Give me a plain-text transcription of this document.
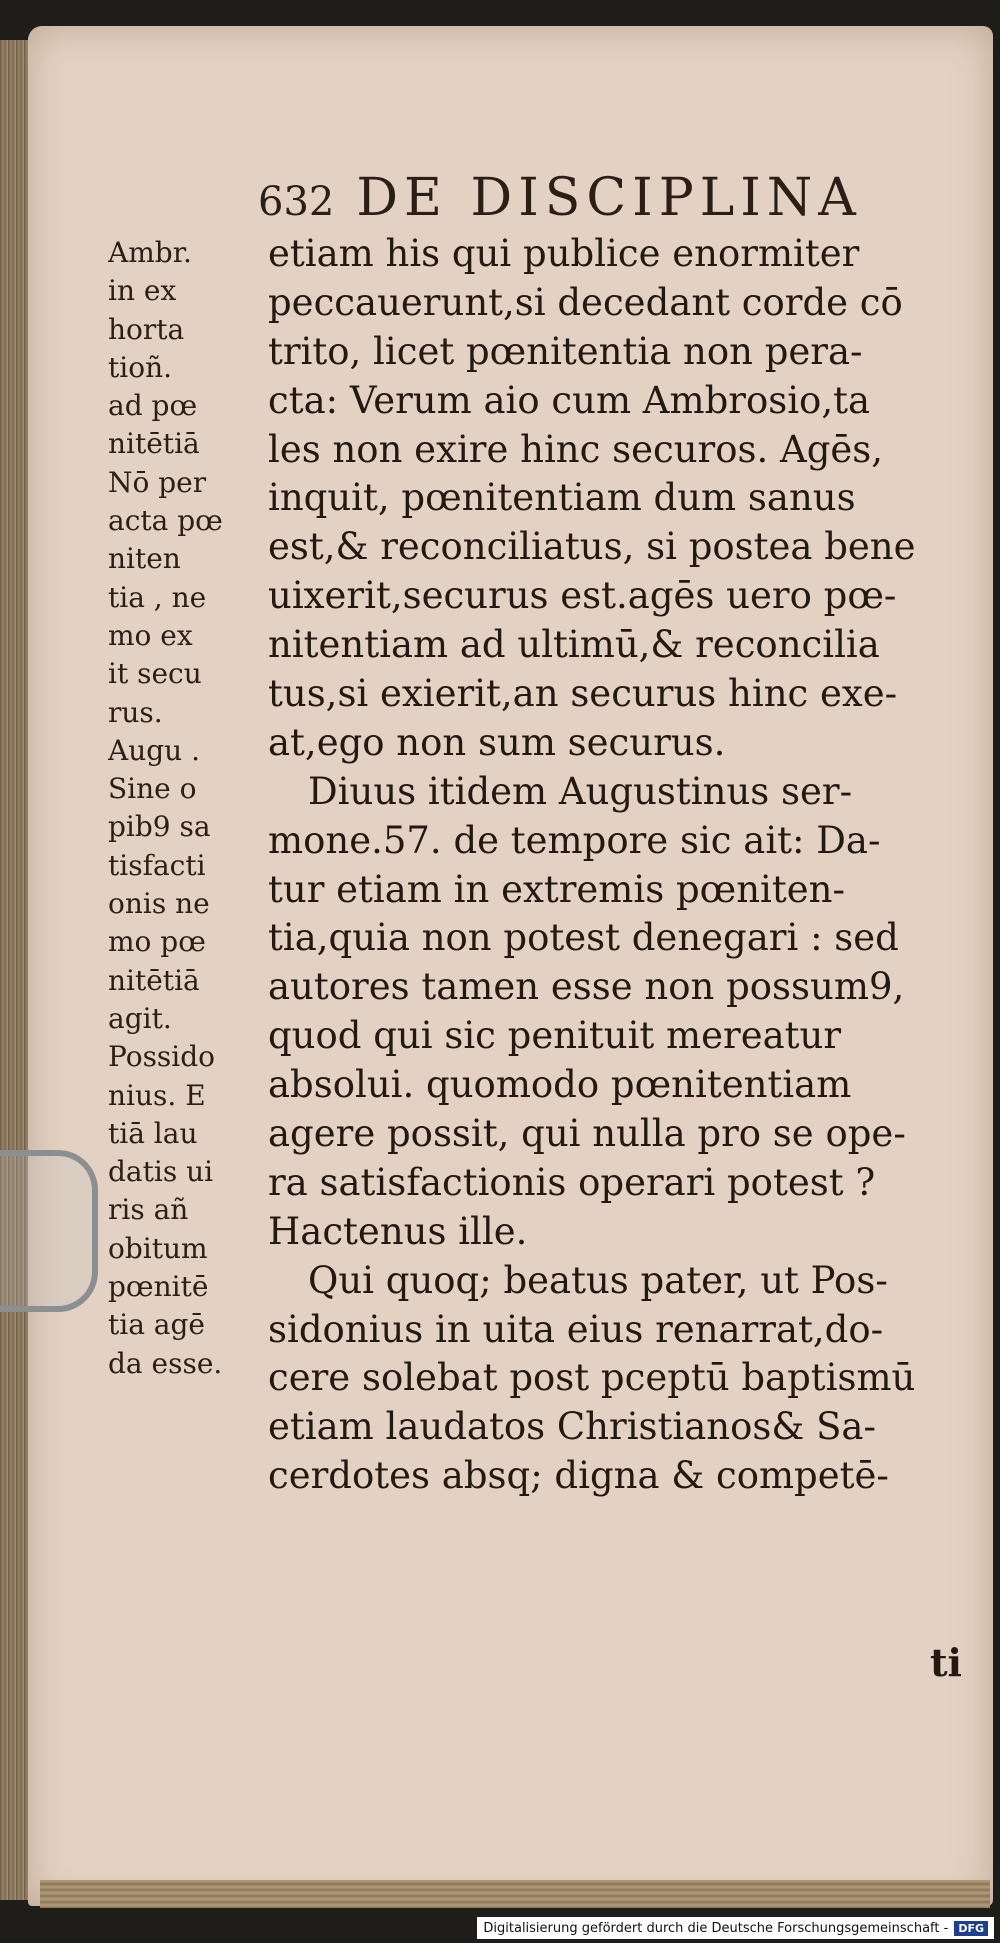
632 DE DISCIPLINA
Ambr.
in ex
horta
tioñ.
ad pœ
nitētiā
Nō per
acta pœ
niten
tia , ne
mo ex
it secu
rus.
Augu .
Sine o
pib9 sa
tisfacti
onis ne
mo pœ
nitētiā
agit.
Possido
nius. E
tiā lau
datis ui
ris añ
obitum
pœnitē
tia agē
da esse.
etiam his qui publice enormiter
peccauerunt,si decedant corde cō
trito, licet pœnitentia non pera-
cta: Verum aio cum Ambrosio,ta
les non exire hinc securos. Agēs,
inquit, pœnitentiam dum sanus
est,& reconciliatus, si postea bene
uixerit,securus est.agēs uero pœ-
nitentiam ad ultimū,& reconcilia
tus,si exierit,an securus hinc exe-
at,ego non sum securus.
Diuus itidem Augustinus ser-
mone.57. de tempore sic ait: Da-
tur etiam in extremis pœniten-
tia,quia non potest denegari : sed
autores tamen esse non possum9,
quod qui sic penituit mereatur
absolui. quomodo pœnitentiam
agere possit, qui nulla pro se ope-
ra satisfactionis operari potest ?
Hactenus ille.
Qui quoq; beatus pater, ut Pos-
sidonius in uita eius renarrat,do-
cere solebat post pceptū baptismū
etiam laudatos Christianos& Sa-
cerdotes absq; digna & competē-
ti
Digitalisierung gefördert durch die Deutsche Forschungsgemeinschaft - DFG
